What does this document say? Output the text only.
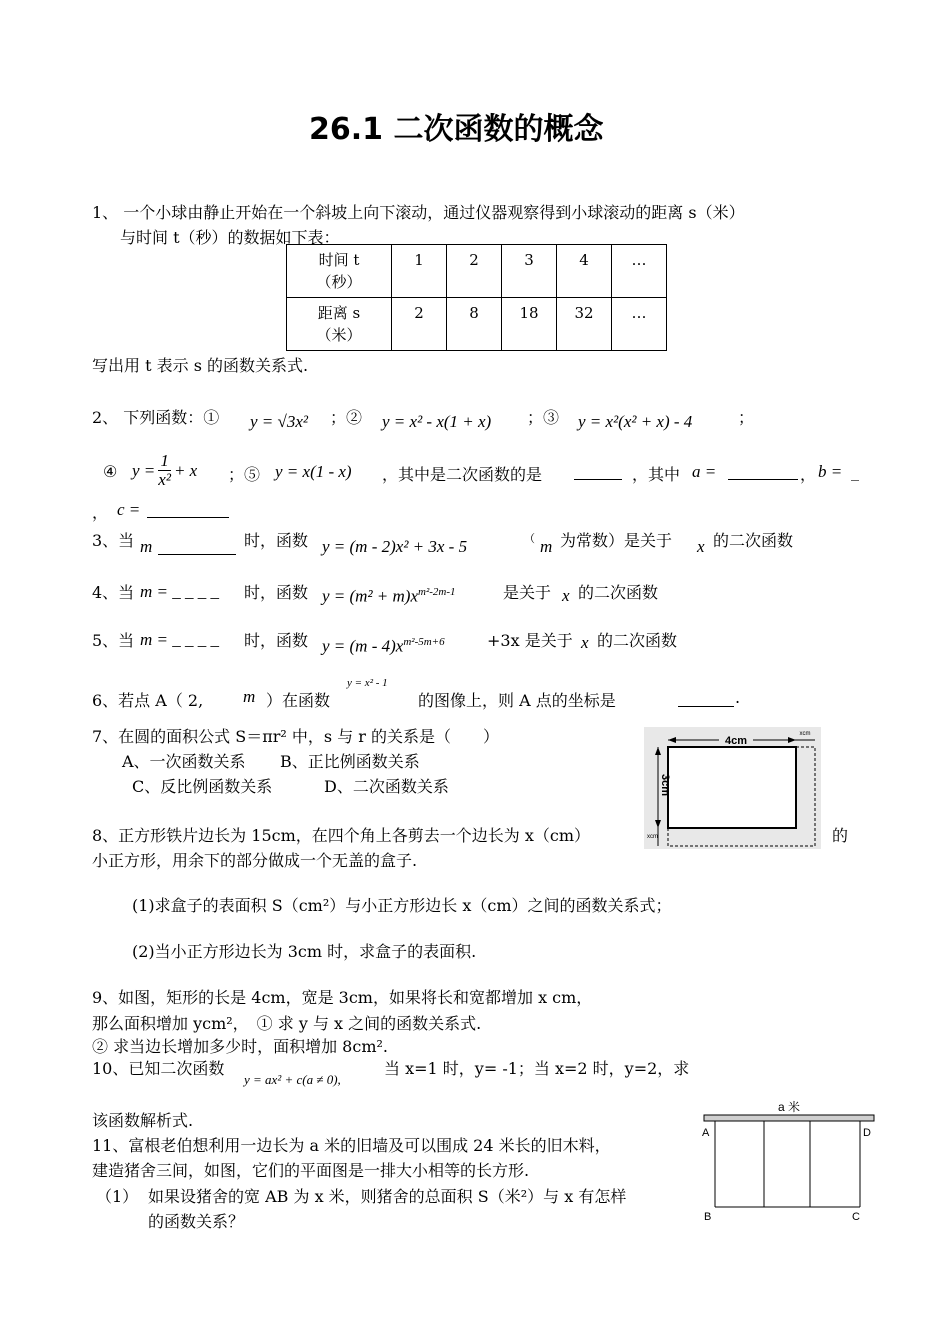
26.1 二次函数的概念
1、 一个小球由静止开始在一个斜坡上向下滚动，通过仪器观察得到小球滚动的距离 s（米）
与时间 t（秒）的数据如下表：
时间 t
（秒）	1	2	3	4	…
距离 s
（米）	2	8	18	32	…
写出用 t 表示 s 的函数关系式.
2、 下列函数：① y = √3x² ；② y = x² - x(1 + x) ；③ y = x²(x² + x) - 4	；
④ $y = \frac{1}{\text{x²}} + x$ ；⑤ y = x(1 - x) ，其中是二次函数的是	，其中 a =	， b = _
， c =
3、当 m	时，函数 y = (m - 2)x² + 3x - 5	（ m 为常数）是关于 x 的二次函数
4、当 m = _ _ _ _ 时，函数 $y = (m^2 + m)x^{m^2-2m-1}$	是关于 x 的二次函数
5、当 m = _ _ _ _ 时，函数 $y = (m - 4)x^{m^2-5m+6}$	+3x 是关于 x 的二次函数
6、若点 A（ 2, m ）在函数
y = x² - 1
的图像上，则 A 点的坐标是	.
7、在圆的面积公式 S＝πr² 中，s 与 r 的关系是（　　）
A、一次函数关系 B、正比例函数关系
C、反比例函数关系	D、二次函数关系
4cm
xcm
xcm
3cm
8、正方形铁片边长为 15cm，在四个角上各剪去一个边长为 x（cm）	的
小正方形，用余下的部分做成一个无盖的盒子.
(1)求盒子的表面积 S（cm²）与小正方形边长 x（cm）之间的函数关系式；
(2)当小正方形边长为 3cm 时，求盒子的表面积.
9、如图，矩形的长是 4cm，宽是 3cm，如果将长和宽都增加 x cm，
那么面积增加 ycm²，　① 求 y 与 x 之间的函数关系式.
② 求当边长增加多少时，面积增加 8cm².
10、已知二次函数
y = ax² + c(a ≠ 0),
当 x=1 时，y= -1；当 x=2 时，y=2，求
该函数解析式.
11、富根老伯想利用一边长为 a 米的旧墙及可以围成 24 米长的旧木料，
建造猪舍三间，如图，它们的平面图是一排大小相等的长方形.
（1） 如果设猪舍的宽 AB 为 x 米，则猪舍的总面积 S（米²）与 x 有怎样
的函数关系？
a 米
A	D
B	C
